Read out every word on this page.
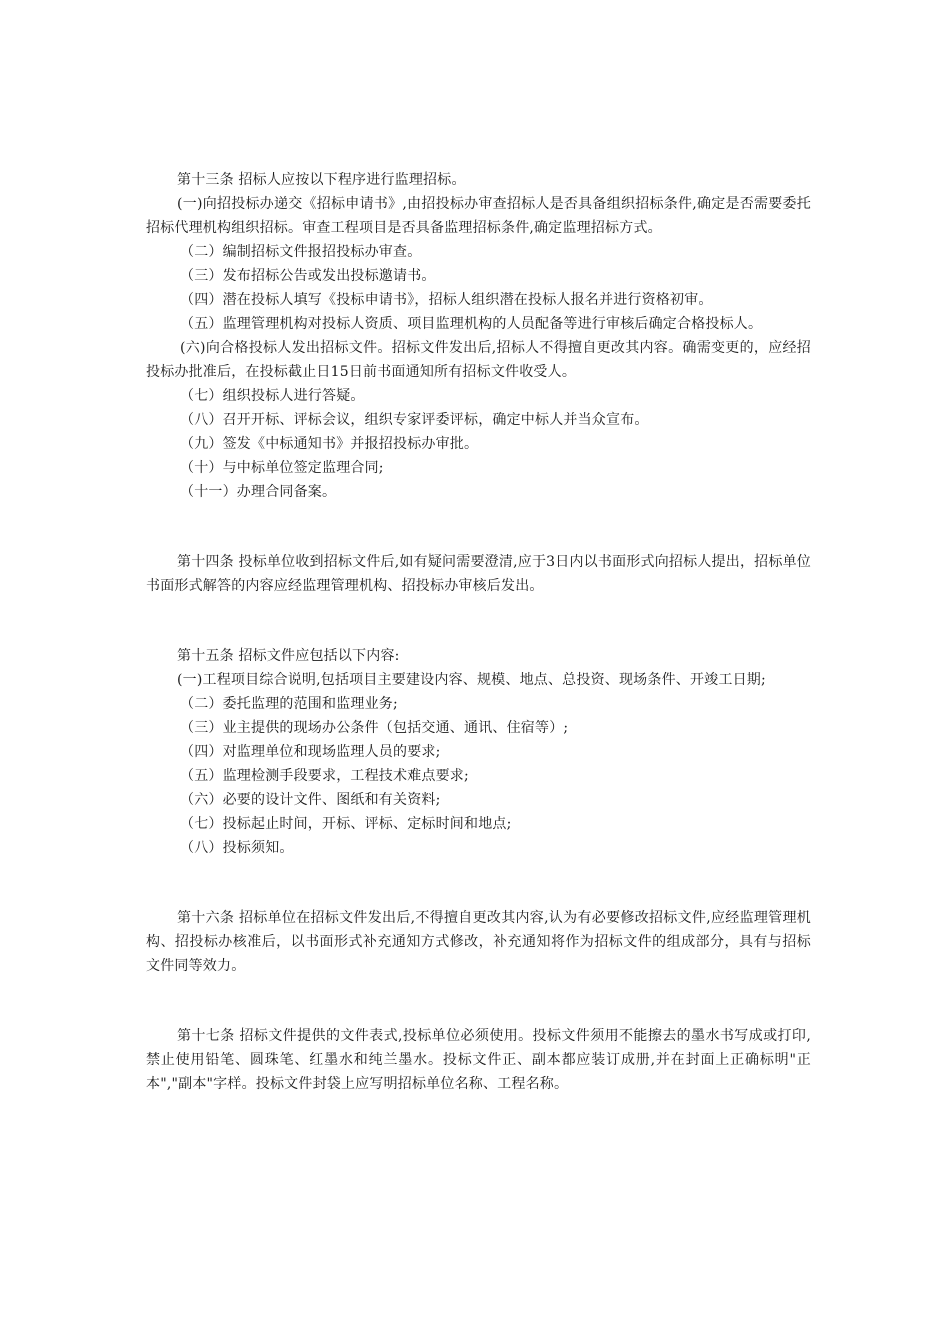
第十三条 招标人应按以下程序进行监理招标。

(一)向招投标办递交《招标申请书》,由招投标办审查招标人是否具备组织招标条件,确定是否需要委托招标代理机构组织招标。审查工程项目是否具备监理招标条件,确定监理招标方式。

（二）编制招标文件报招投标办审查。

（三）发布招标公告或发出投标邀请书。

（四）潜在投标人填写《投标申请书》，招标人组织潜在投标人报名并进行资格初审。

（五）监理管理机构对投标人资质、项目监理机构的人员配备等进行审核后确定合格投标人。

(六)向合格投标人发出招标文件。招标文件发出后,招标人不得擅自更改其内容。确需变更的，应经招投标办批准后，在投标截止日15日前书面通知所有招标文件收受人。

（七）组织投标人进行答疑。

（八）召开开标、评标会议，组织专家评委评标，确定中标人并当众宣布。

（九）签发《中标通知书》并报招投标办审批。

（十）与中标单位签定监理合同;

（十一）办理合同备案。

第十四条 投标单位收到招标文件后,如有疑问需要澄清,应于3日内以书面形式向招标人提出，招标单位书面形式解答的内容应经监理管理机构、招投标办审核后发出。

第十五条 招标文件应包括以下内容:

(一)工程项目综合说明,包括项目主要建设内容、规模、地点、总投资、现场条件、开竣工日期;

（二）委托监理的范围和监理业务;

（三）业主提供的现场办公条件（包括交通、通讯、住宿等）;

（四）对监理单位和现场监理人员的要求;

（五）监理检测手段要求，工程技术难点要求;

（六）必要的设计文件、图纸和有关资料;

（七）投标起止时间，开标、评标、定标时间和地点;

（八）投标须知。

第十六条 招标单位在招标文件发出后,不得擅自更改其内容,认为有必要修改招标文件,应经监理管理机构、招投标办核准后，以书面形式补充通知方式修改，补充通知将作为招标文件的组成部分，具有与招标文件同等效力。

第十七条 招标文件提供的文件表式,投标单位必须使用。投标文件须用不能擦去的墨水书写成或打印,禁止使用铅笔、圆珠笔、红墨水和纯兰墨水。投标文件正、副本都应装订成册,并在封面上正确标明"正本","副本"字样。投标文件封袋上应写明招标单位名称、工程名称。
